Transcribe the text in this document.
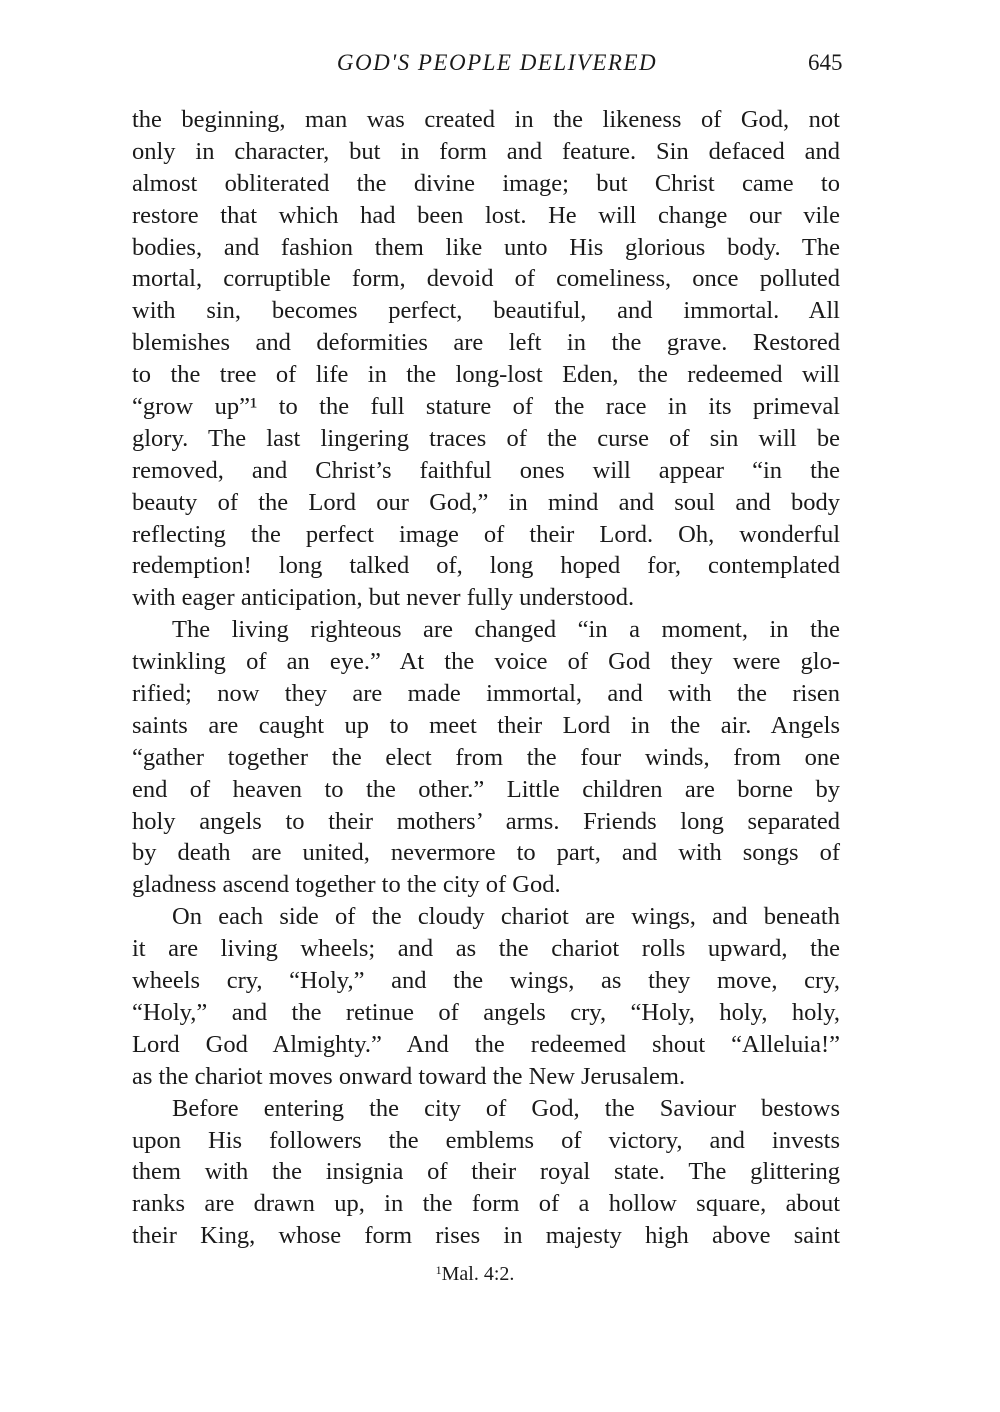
GOD'S PEOPLE DELIVERED	645
the beginning, man was created in the likeness of God, not
only in character, but in form and feature. Sin defaced and
almost obliterated the divine image; but Christ came to
restore that which had been lost. He will change our vile
bodies, and fashion them like unto His glorious body. The
mortal, corruptible form, devoid of comeliness, once polluted
with sin, becomes perfect, beautiful, and immortal. All
blemishes and deformities are left in the grave. Restored
to the tree of life in the long-lost Eden, the redeemed will
“grow up”¹ to the full stature of the race in its primeval
glory. The last lingering traces of the curse of sin will be
removed, and Christ’s faithful ones will appear “in the
beauty of the Lord our God,” in mind and soul and body
reflecting the perfect image of their Lord. Oh, wonderful
redemption! long talked of, long hoped for, contemplated
with eager anticipation, but never fully understood.
The living righteous are changed “in a moment, in the
twinkling of an eye.” At the voice of God they were glo-
rified; now they are made immortal, and with the risen
saints are caught up to meet their Lord in the air. Angels
“gather together the elect from the four winds, from one
end of heaven to the other.” Little children are borne by
holy angels to their mothers’ arms. Friends long separated
by death are united, nevermore to part, and with songs of
gladness ascend together to the city of God.
On each side of the cloudy chariot are wings, and beneath
it are living wheels; and as the chariot rolls upward, the
wheels cry, “Holy,” and the wings, as they move, cry,
“Holy,” and the retinue of angels cry, “Holy, holy, holy,
Lord God Almighty.” And the redeemed shout “Alleluia!”
as the chariot moves onward toward the New Jerusalem.
Before entering the city of God, the Saviour bestows
upon His followers the emblems of victory, and invests
them with the insignia of their royal state. The glittering
ranks are drawn up, in the form of a hollow square, about
their King, whose form rises in majesty high above saint
$^1$Mal. 4:2.
